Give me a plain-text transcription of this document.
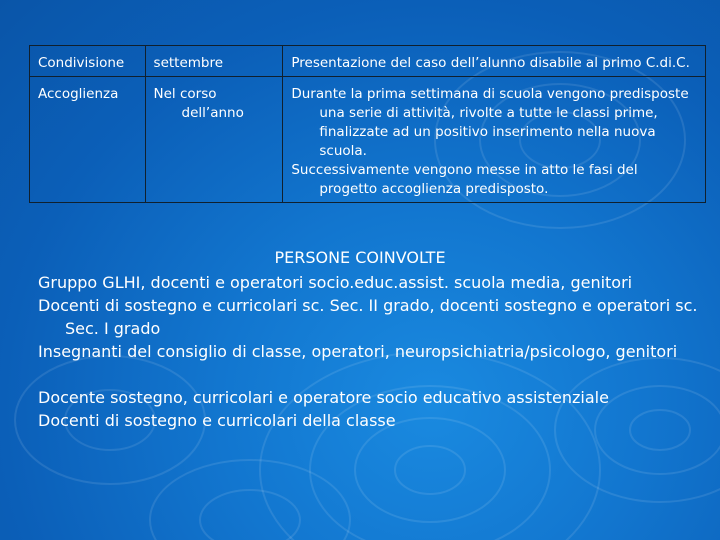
Condivisione	settembre	Presentazione del caso dell’alunno disabile al primo C.di.C.

Accoglienza	Nel corso dell’anno	Durante la prima settimana di scuola vengono predisposte una serie di attività, rivolte a tutte le classi prime, finalizzate ad un positivo inserimento nella nuova scuola.
Successivamente vengono messe in atto le fasi del progetto accoglienza predisposto.
PERSONE COINVOLTE
Gruppo GLHI, docenti e operatori socio.educ.assist. scuola media, genitori
Docenti di sostegno e curricolari sc. Sec. II grado, docenti sostegno e operatori sc. Sec. I grado
Insegnanti del consiglio di classe, operatori, neuropsichiatria/psicologo, genitori
Docente sostegno, curricolari e operatore socio educativo assistenziale
Docenti di sostegno e curricolari della classe
